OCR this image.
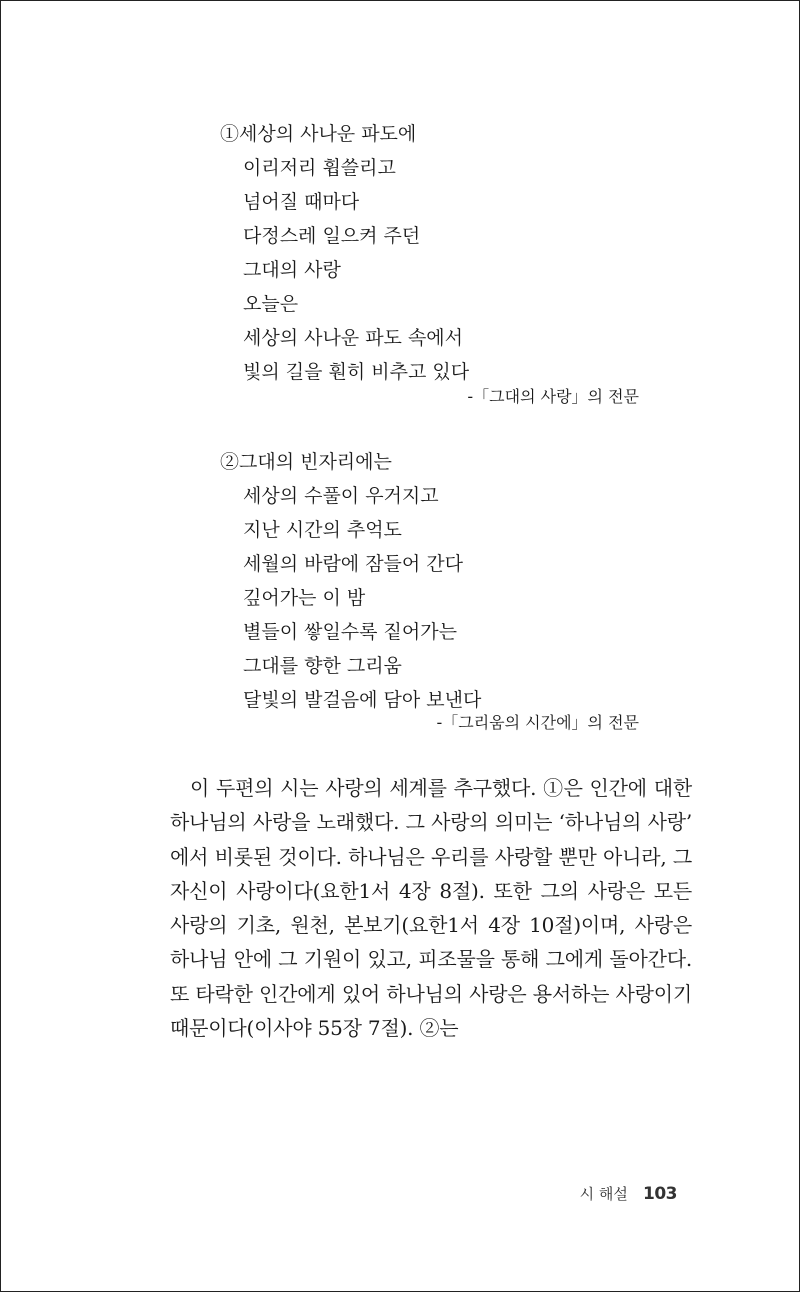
①세상의 사나운 파도에
이리저리 휩쓸리고
넘어질 때마다
다정스레 일으켜 주던
그대의 사랑
오늘은
세상의 사나운 파도 속에서
빛의 길을 훤히 비추고 있다
-「그대의 사랑」의 전문
②그대의 빈자리에는
세상의 수풀이 우거지고
지난 시간의 추억도
세월의 바람에 잠들어 간다
깊어가는 이 밤
별들이 쌓일수록 짙어가는
그대를 향한 그리움
달빛의 발걸음에 담아 보낸다
-「그리움의 시간에」의 전문

이 두편의 시는 사랑의 세계를 추구했다. ①은 인간에 대한 하나님의 사랑을 노래했다. 그 사랑의 의미는 ‘하나님의 사랑’ 에서 비롯된 것이다. 하나님은 우리를 사랑할 뿐만 아니라, 그 자신이 사랑이다(요한1서 4장 8절). 또한 그의 사랑은 모든 사랑의 기초, 원천, 본보기(요한1서 4장 10절)이며, 사랑은 하나님 안에 그 기원이 있고, 피조물을 통해 그에게 돌아간다. 또 타락한 인간에게 있어 하나님의 사랑은 용서하는 사랑이기 때문이다(이사야 55장 7절). ②는

시 해설 103
